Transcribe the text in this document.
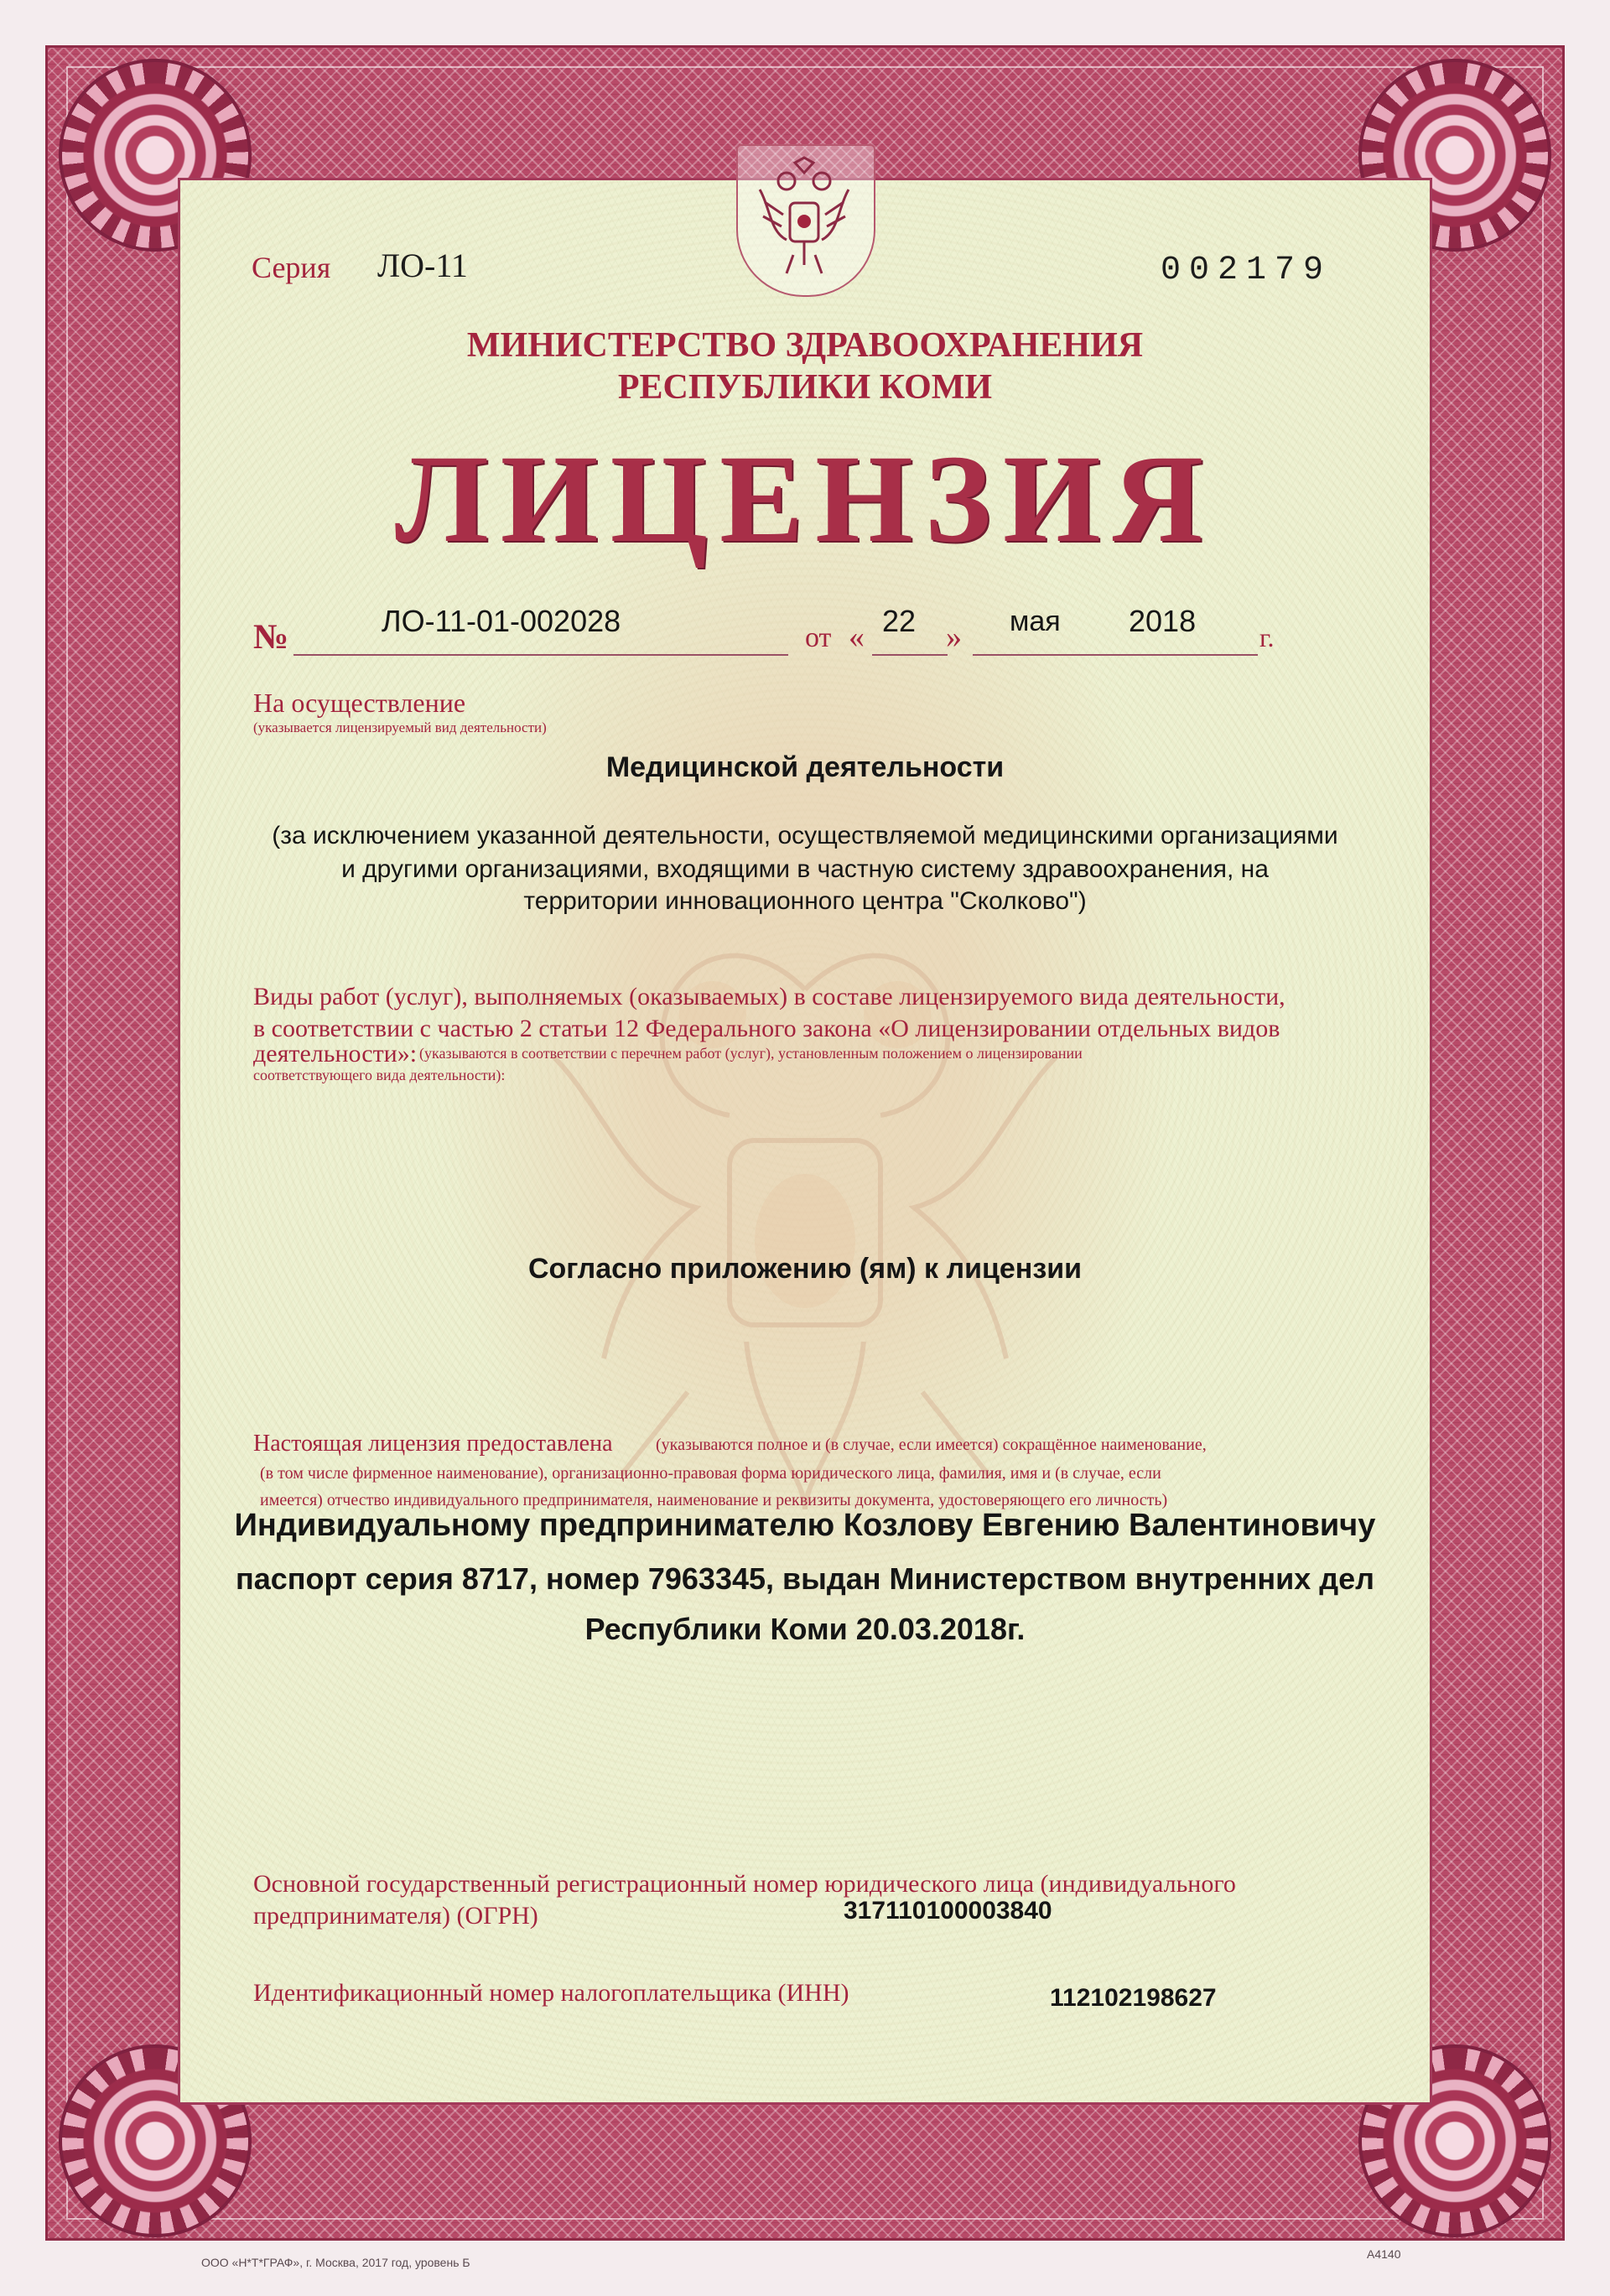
Серия ЛО-11	002179
МИНИСТЕРСТВО ЗДРАВООХРАНЕНИЯ
РЕСПУБЛИКИ КОМИ
ЛИЦЕНЗИЯ
№	ЛО-11-01-002028	от « 22 » мая 2018 г.
На осуществление
(указывается лицензируемый вид деятельности)
Медицинской деятельности
(за исключением указанной деятельности, осуществляемой медицинскими организациями
и другими организациями, входящими в частную систему здравоохранения, на
территории инновационного центра "Сколково")
Виды работ (услуг), выполняемых (оказываемых) в составе лицензируемого вида деятельности,
в соответствии с частью 2 статьи 12 Федерального закона «О лицензировании отдельных видов
деятельности»: (указываются в соответствии с перечнем работ (услуг), установленным положением о лицензировании
соответствующего вида деятельности):
Согласно приложению (ям) к лицензии
Настоящая лицензия предоставлена	(указываются полное и (в случае, если имеется) сокращённое наименование,
(в том числе фирменное наименование), организационно-правовая форма юридического лица, фамилия, имя и (в случае, если
имеется) отчество индивидуального предпринимателя, наименование и реквизиты документа, удостоверяющего его личность)
Индивидуальному предпринимателю Козлову Евгению Валентиновичу
паспорт серия 8717, номер 7963345, выдан Министерством внутренних дел
Республики Коми 20.03.2018г.
Основной государственный регистрационный номер юридического лица (индивидуального
предпринимателя) (ОГРН)	317110100003840
Идентификационный номер налогоплательщика (ИНН)	112102198627
ООО «Н*Т*ГРАФ», г. Москва, 2017 год, уровень Б
А4140
